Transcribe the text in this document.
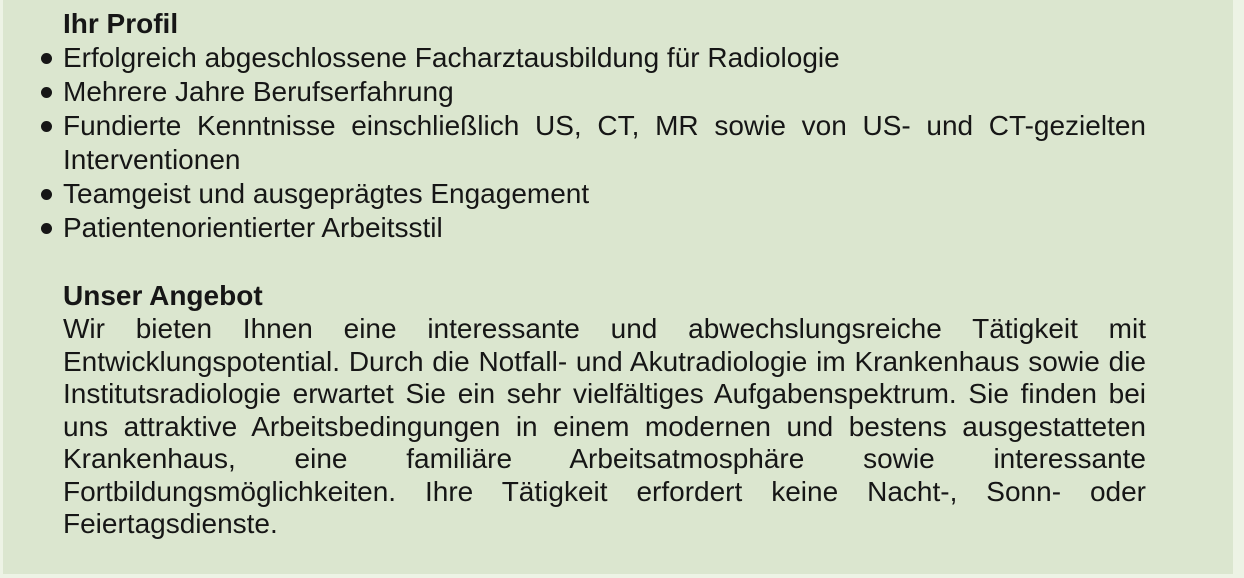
Ihr Profil
Erfolgreich abgeschlossene Facharztausbildung für Radiologie
Mehrere Jahre Berufserfahrung
Fundierte Kenntnisse einschließlich US, CT, MR sowie von US- und CT-gezielten
Interventionen
Teamgeist und ausgeprägtes Engagement
Patientenorientierter Arbeitsstil
Unser Angebot
Wir bieten Ihnen eine interessante und abwechslungsreiche Tätigkeit mit
Entwicklungspotential. Durch die Notfall- und Akutradiologie im Krankenhaus sowie die
Institutsradiologie erwartet Sie ein sehr vielfältiges Aufgabenspektrum. Sie finden bei
uns attraktive Arbeitsbedingungen in einem modernen und bestens ausgestatteten
Krankenhaus, eine familiäre Arbeitsatmosphäre sowie interessante
Fortbildungsmöglichkeiten. Ihre Tätigkeit erfordert keine Nacht-, Sonn- oder
Feiertagsdienste.
